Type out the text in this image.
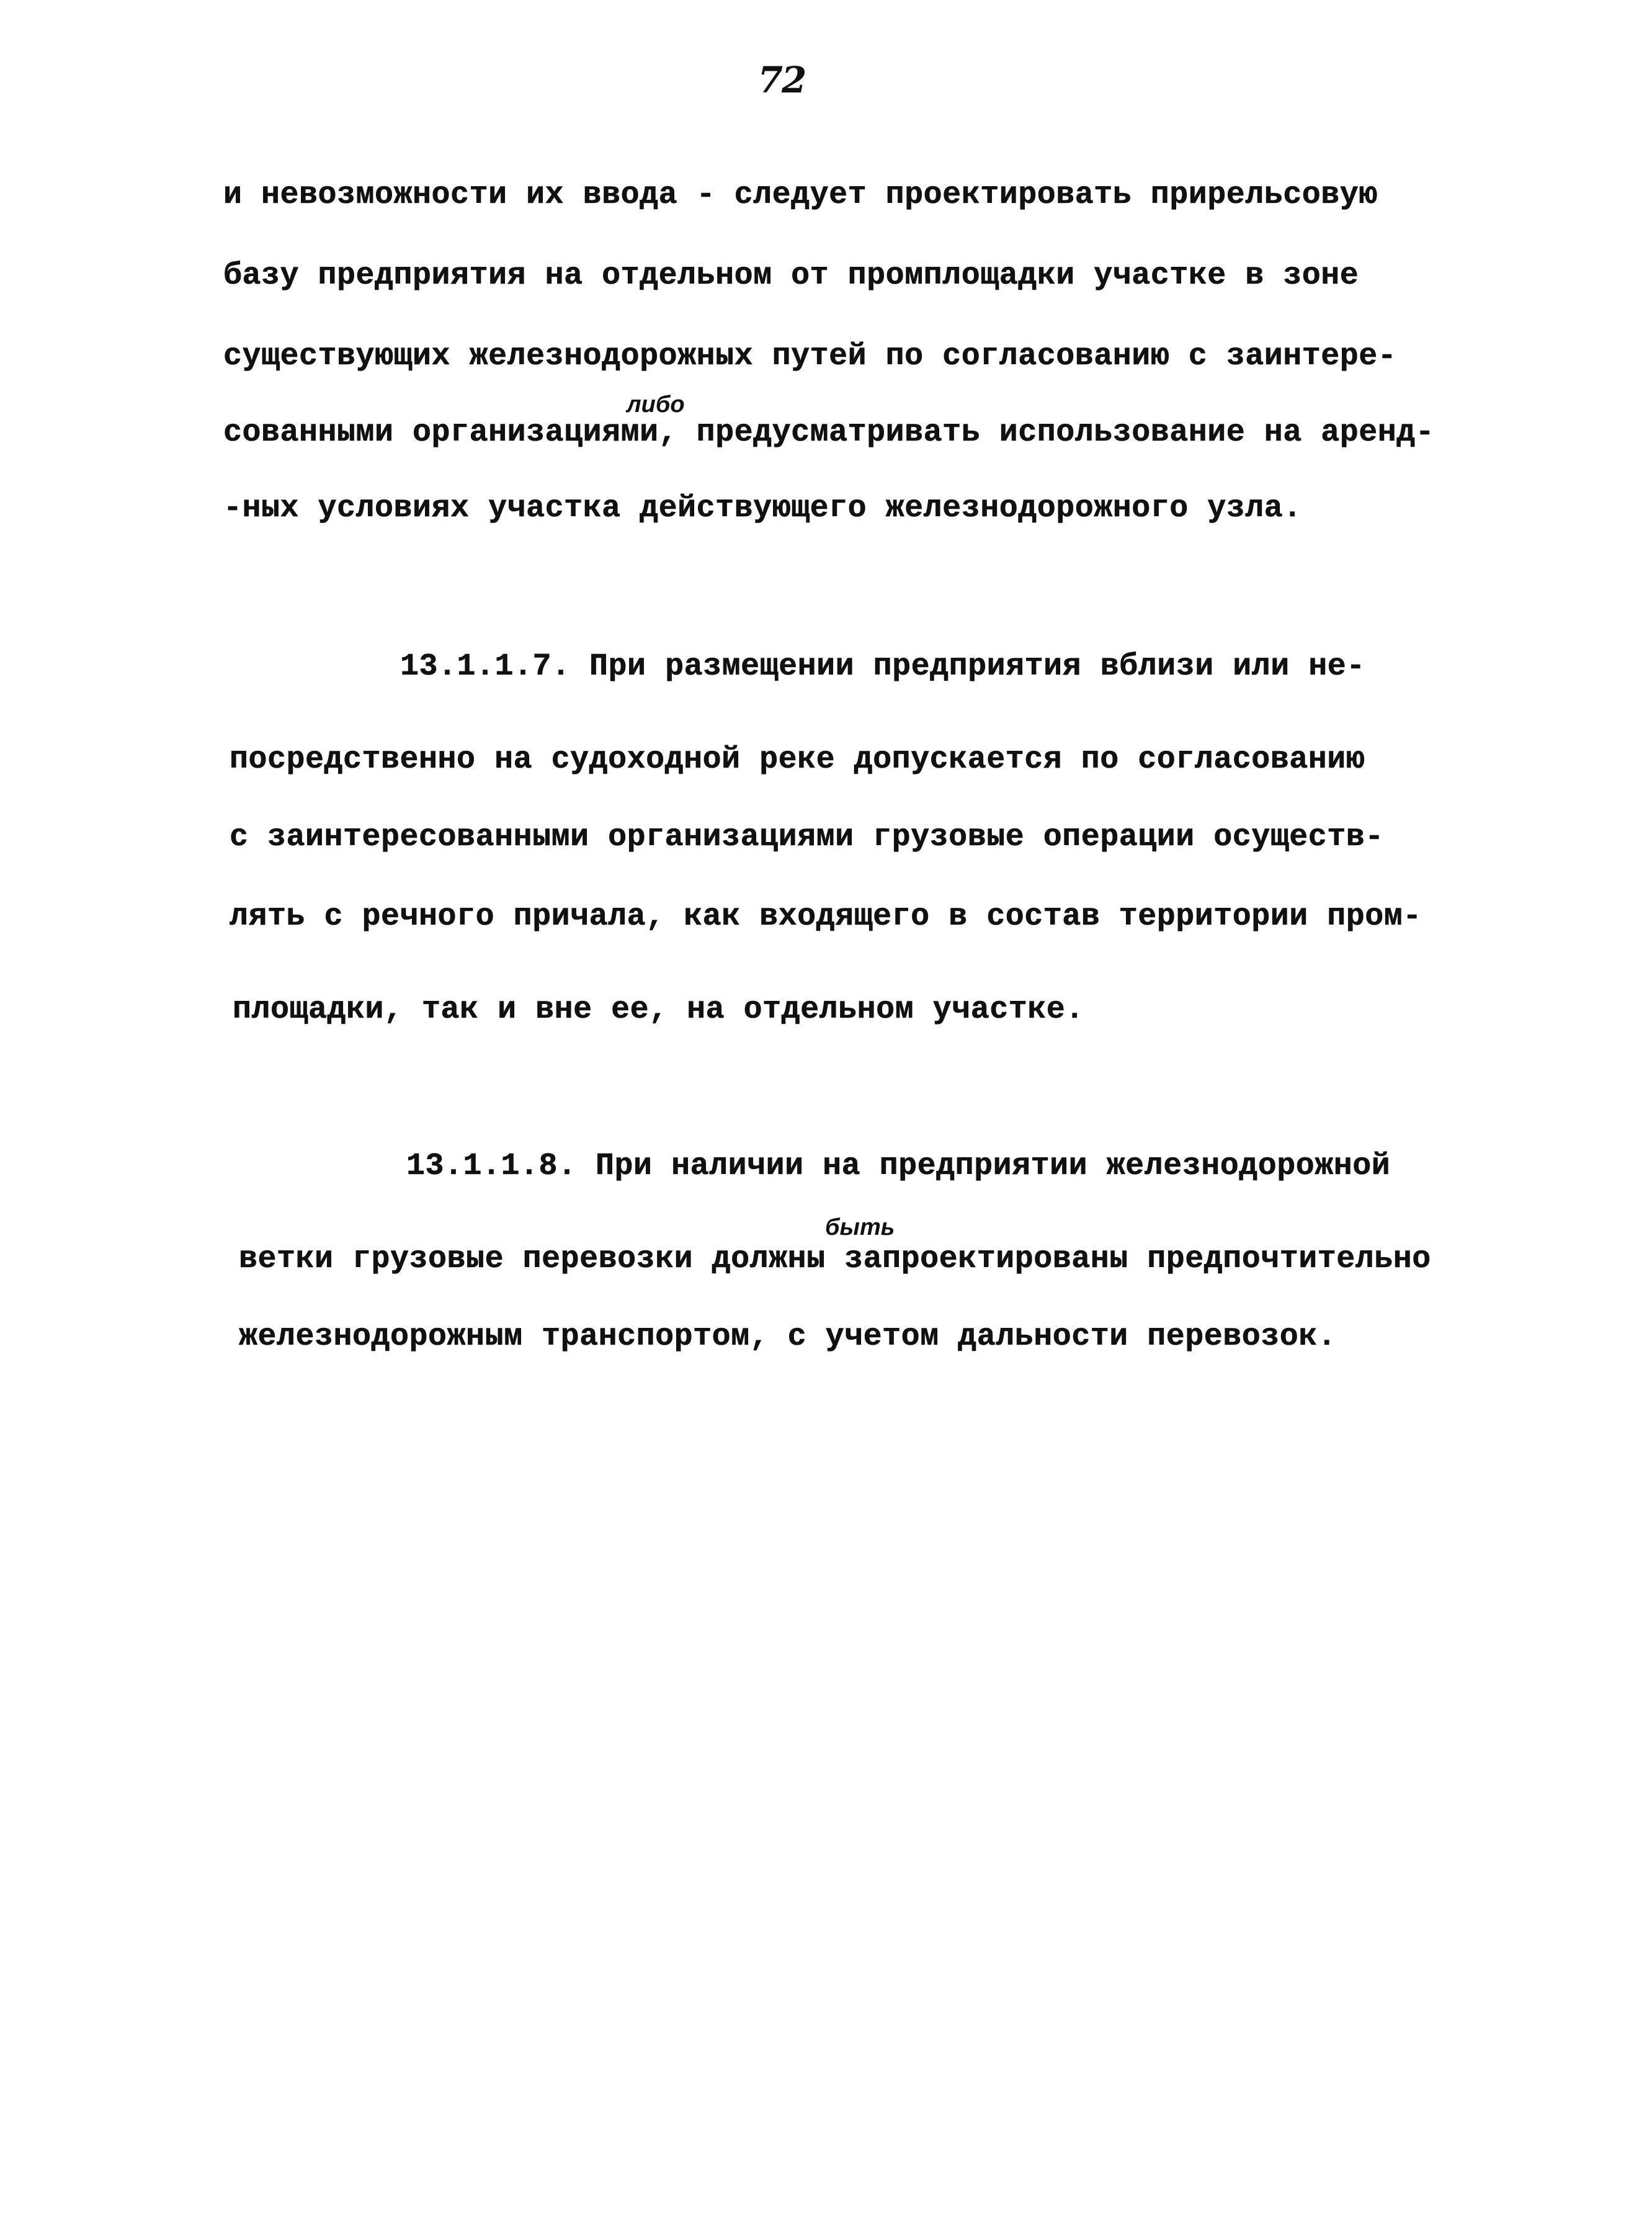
72
и невозможности их ввода - следует проектировать прирельсовую
базу предприятия на отдельном от промплощадки участке в зоне
существующих железнодорожных путей по согласованию с заинтере-
либо
сованными организациями, предусматривать использование на аренд-
-ных условиях участка действующего железнодорожного узла.
13.1.1.7. При размещении предприятия вблизи или не-
посредственно на судоходной реке допускается по согласованию
с заинтересованными организациями грузовые операции осуществ-
лять с речного причала, как входящего в состав территории пром-
площадки, так и вне ее, на отдельном участке.
13.1.1.8. При наличии на предприятии железнодорожной
быть
ветки грузовые перевозки должны запроектированы предпочтительно
железнодорожным транспортом, с учетом дальности перевозок.
